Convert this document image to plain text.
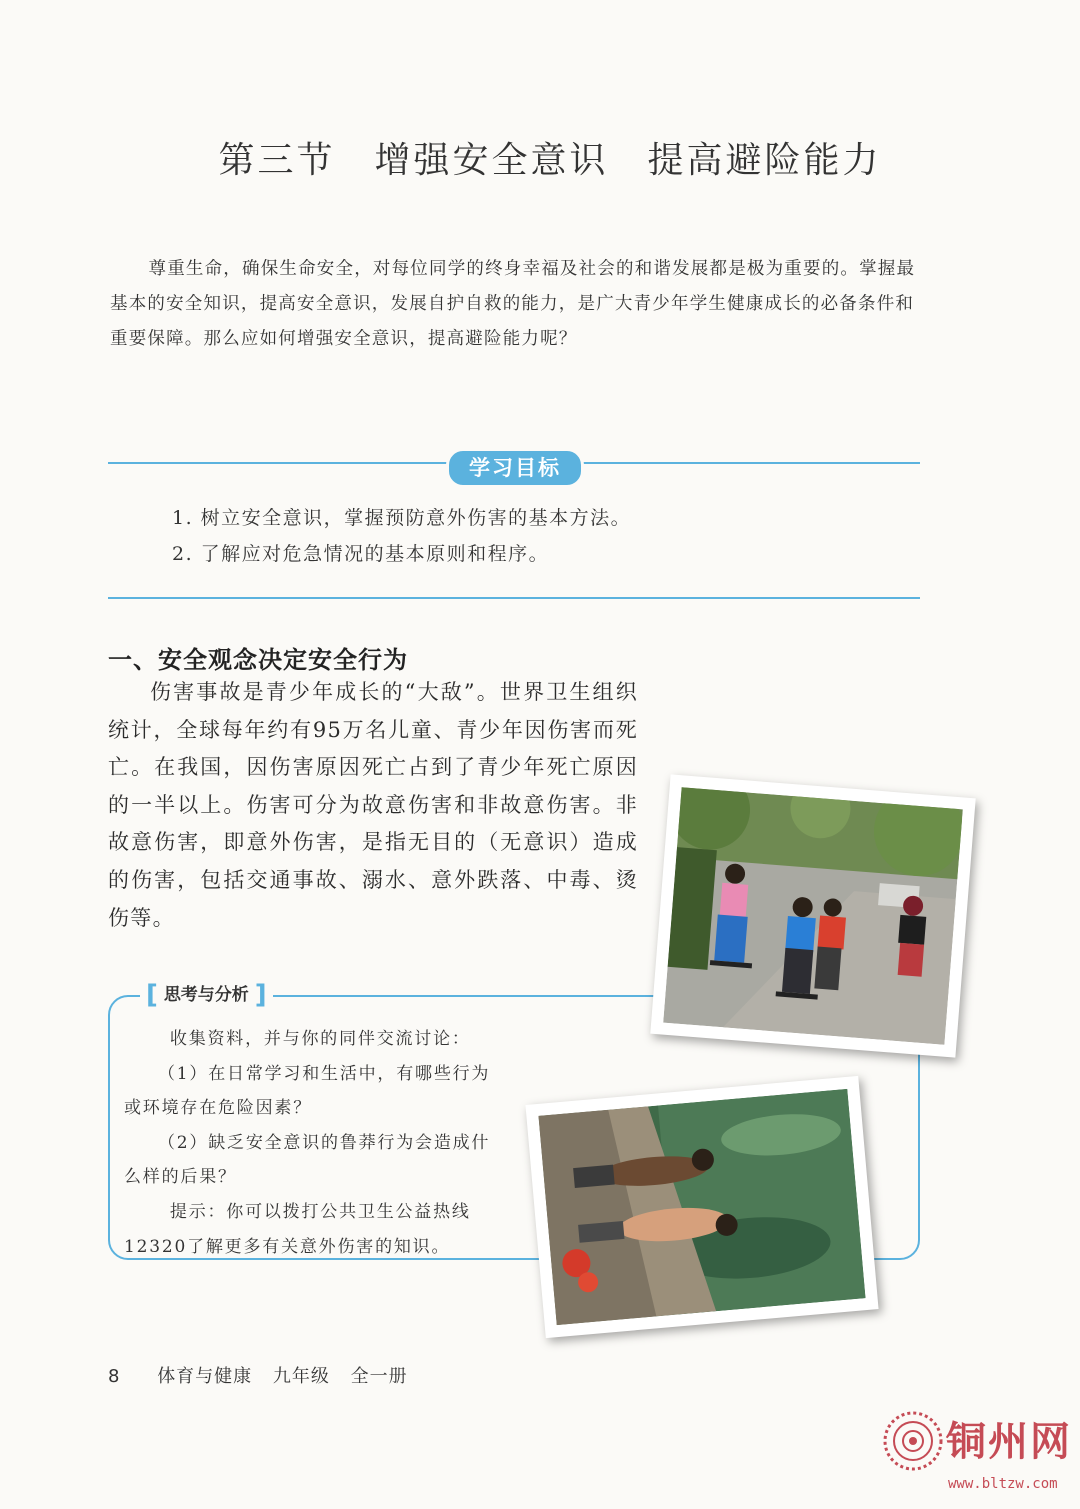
第三节　增强安全意识　提高避险能力
尊重生命，确保生命安全，对每位同学的终身幸福及社会的和谐发展都是极为重要的。掌握最基本的安全知识，提高安全意识，发展自护自救的能力，是广大青少年学生健康成长的必备条件和重要保障。那么应如何增强安全意识，提高避险能力呢？
学习目标
1. 树立安全意识，掌握预防意外伤害的基本方法。
2. 了解应对危急情况的基本原则和程序。
一、安全观念决定安全行为
伤害事故是青少年成长的“大敌”。世界卫生组织统计，全球每年约有95万名儿童、青少年因伤害而死亡。在我国，因伤害原因死亡占到了青少年死亡原因的一半以上。伤害可分为故意伤害和非故意伤害。非故意伤害，即意外伤害，是指无目的（无意识）造成的伤害，包括交通事故、溺水、意外跌落、中毒、烫伤等。
[ 思考与分析 ]

收集资料，并与你的同伴交流讨论：

（1）在日常学习和生活中，有哪些行为或环境存在危险因素？

（2）缺乏安全意识的鲁莽行为会造成什么样的后果？

提示：你可以拨打公共卫生公益热线12320了解更多有关意外伤害的知识。

8 体育与健康 九年级 全一册
铜州网
www.bltzw.com
